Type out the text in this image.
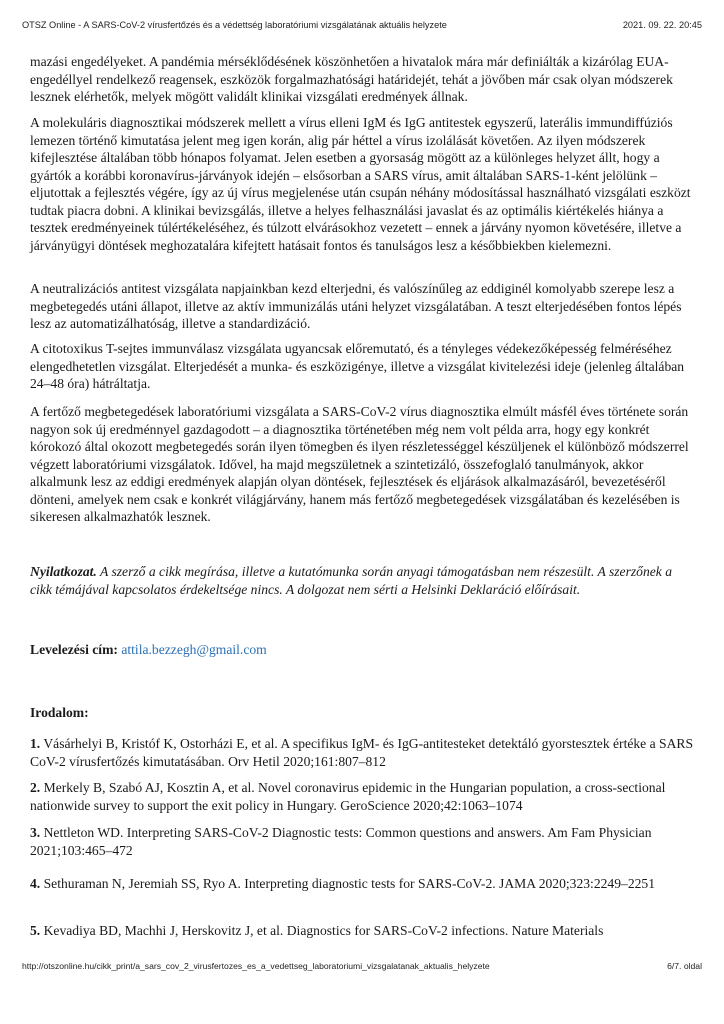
OTSZ Online - A SARS-CoV-2 vírusfertőzés és a védettség laboratóriumi vizsgálatának aktuális helyzete	2021. 09. 22. 20:45

mazási engedélyeket. A pandémia mérséklődésének köszönhetően a hivatalok mára már definiálták a kizárólag EUA-engedéllyel rendelkező reagensek, eszközök forgalmazhatósági határidejét, tehát a jövőben már csak olyan módszerek lesznek elérhetők, melyek mögött validált klinikai vizsgálati eredmények állnak.

A molekuláris diagnosztikai módszerek mellett a vírus elleni IgM és IgG antitestek egyszerű, laterális immundiffúziós lemezen történő kimutatása jelent meg igen korán, alig pár héttel a vírus izolálását követően. Az ilyen módszerek kifejlesztése általában több hónapos folyamat. Jelen esetben a gyorsaság mögött az a különleges helyzet állt, hogy a gyártók a korábbi koronavírus-járványok idején – elsősorban a SARS vírus, amit általában SARS-1-ként jelölünk – eljutottak a fejlesztés végére, így az új vírus megjelenése után csupán néhány módosítással használható vizsgálati eszközt tudtak piacra dobni. A klinikai bevizsgálás, illetve a helyes felhasználási javaslat és az optimális kiértékelés hiánya a tesztek eredményeinek túlértékeléséhez, és túlzott elvárásokhoz vezetett – ennek a járvány nyomon követésére, illetve a járványügyi döntések meghozatalára kifejtett hatásait fontos és tanulságos lesz a későbbiekben kielemezni.

A neutralizációs antitest vizsgálata napjainkban kezd elterjedni, és valószínűleg az eddiginél komolyabb szerepe lesz a megbetegedés utáni állapot, illetve az aktív immunizálás utáni helyzet vizsgálatában. A teszt elterjedésében fontos lépés lesz az automatizálhatóság, illetve a standardizáció.

A citotoxikus T-sejtes immunválasz vizsgálata ugyancsak előremutató, és a tényleges védekezőképesség felméréséhez elengedhetetlen vizsgálat. Elterjedését a munka- és eszközigénye, illetve a vizsgálat kivitelezési ideje (jelenleg általában 24–48 óra) hátráltatja.

A fertőző megbetegedések laboratóriumi vizsgálata a SARS-CoV-2 vírus diagnosztika elmúlt másfél éves története során nagyon sok új eredménnyel gazdagodott – a diagnosztika történetében még nem volt példa arra, hogy egy konkrét kórokozó által okozott megbetegedés során ilyen tömegben és ilyen részletességgel készüljenek el különböző módszerrel végzett laboratóriumi vizsgálatok. Idővel, ha majd megszületnek a szintetizáló, összefoglaló tanulmányok, akkor alkalmunk lesz az eddigi eredmények alapján olyan döntések, fejlesztések és eljárások alkalmazásáról, bevezetéséről dönteni, amelyek nem csak e konkrét világjárvány, hanem más fertőző megbetegedések vizsgálatában és kezelésében is sikeresen alkalmazhatók lesznek.

Nyilatkozat. A szerző a cikk megírása, illetve a kutatómunka során anyagi támogatásban nem részesült. A szerzőnek a cikk témájával kapcsolatos érdekeltsége nincs. A dolgozat nem sérti a Helsinki Deklaráció előírásait.

Levelezési cím: attila.bezzegh@gmail.com

Irodalom:

1. Vásárhelyi B, Kristóf K, Ostorházi E, et al. A specifikus IgM- és IgG-antitesteket detektáló gyorstesztek értéke a SARS CoV-2 vírusfertőzés kimutatásában. Orv Hetil 2020;161:807–812

2. Merkely B, Szabó AJ, Kosztin A, et al. Novel coronavirus epidemic in the Hungarian population, a cross-sectional nationwide survey to support the exit policy in Hungary. GeroScience 2020;42:1063–1074

3. Nettleton WD. Interpreting SARS-CoV-2 Diagnostic tests: Common questions and answers. Am Fam Physician 2021;103:465–472

4. Sethuraman N, Jeremiah SS, Ryo A. Interpreting diagnostic tests for SARS-CoV-2. JAMA 2020;323:2249–2251

5. Kevadiya BD, Machhi J, Herskovitz J, et al. Diagnostics for SARS-CoV-2 infections. Nature Materials

http://otszonline.hu/cikk_print/a_sars_cov_2_virusfertozes_es_a_vedettseg_laboratoriumi_vizsgalatanak_aktualis_helyzete	6/7. oldal
